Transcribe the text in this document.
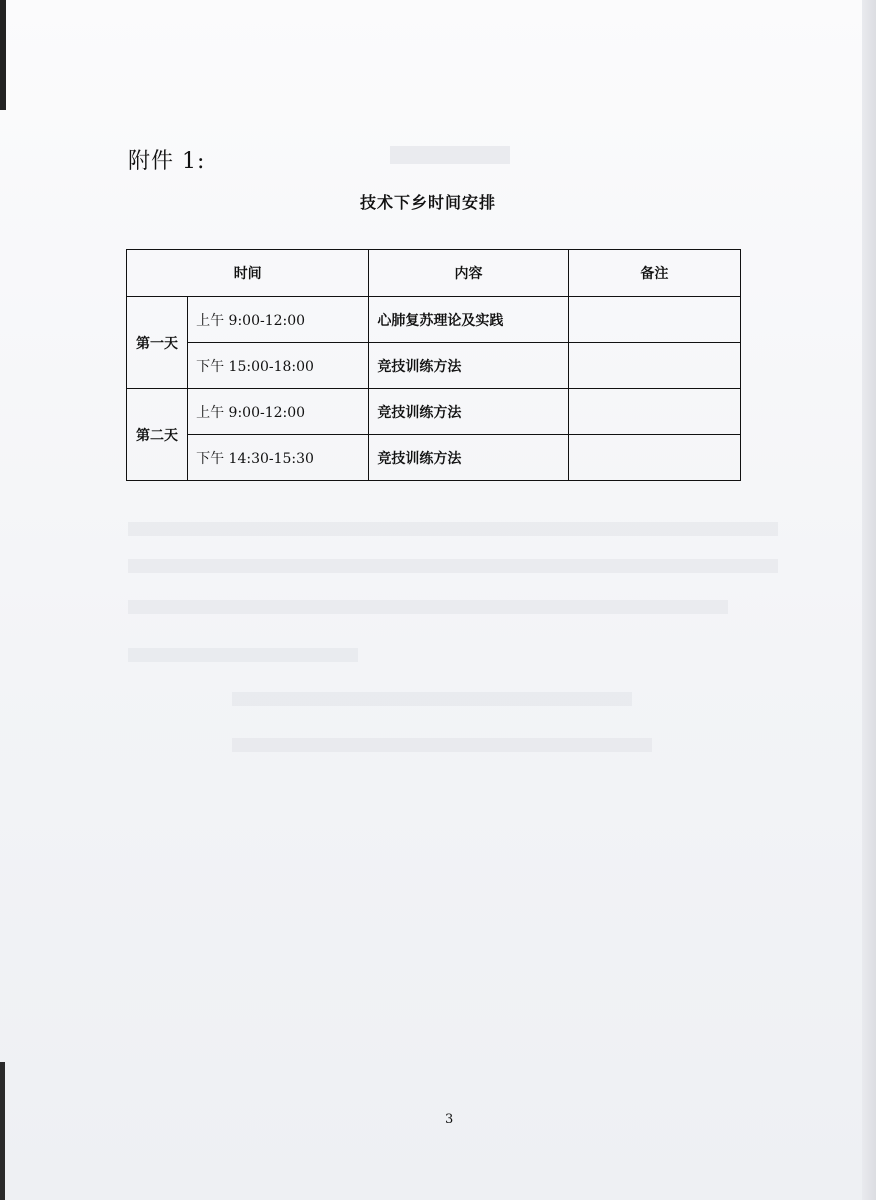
附件 1:
技术下乡时间安排
时间		内容	备注
第一天	上午 9:00-12:00	心肺复苏理论及实践	
	下午 15:00-18:00	竞技训练方法	
第二天	上午 9:00-12:00	竞技训练方法	
	下午 14:30-15:30	竞技训练方法	
3
